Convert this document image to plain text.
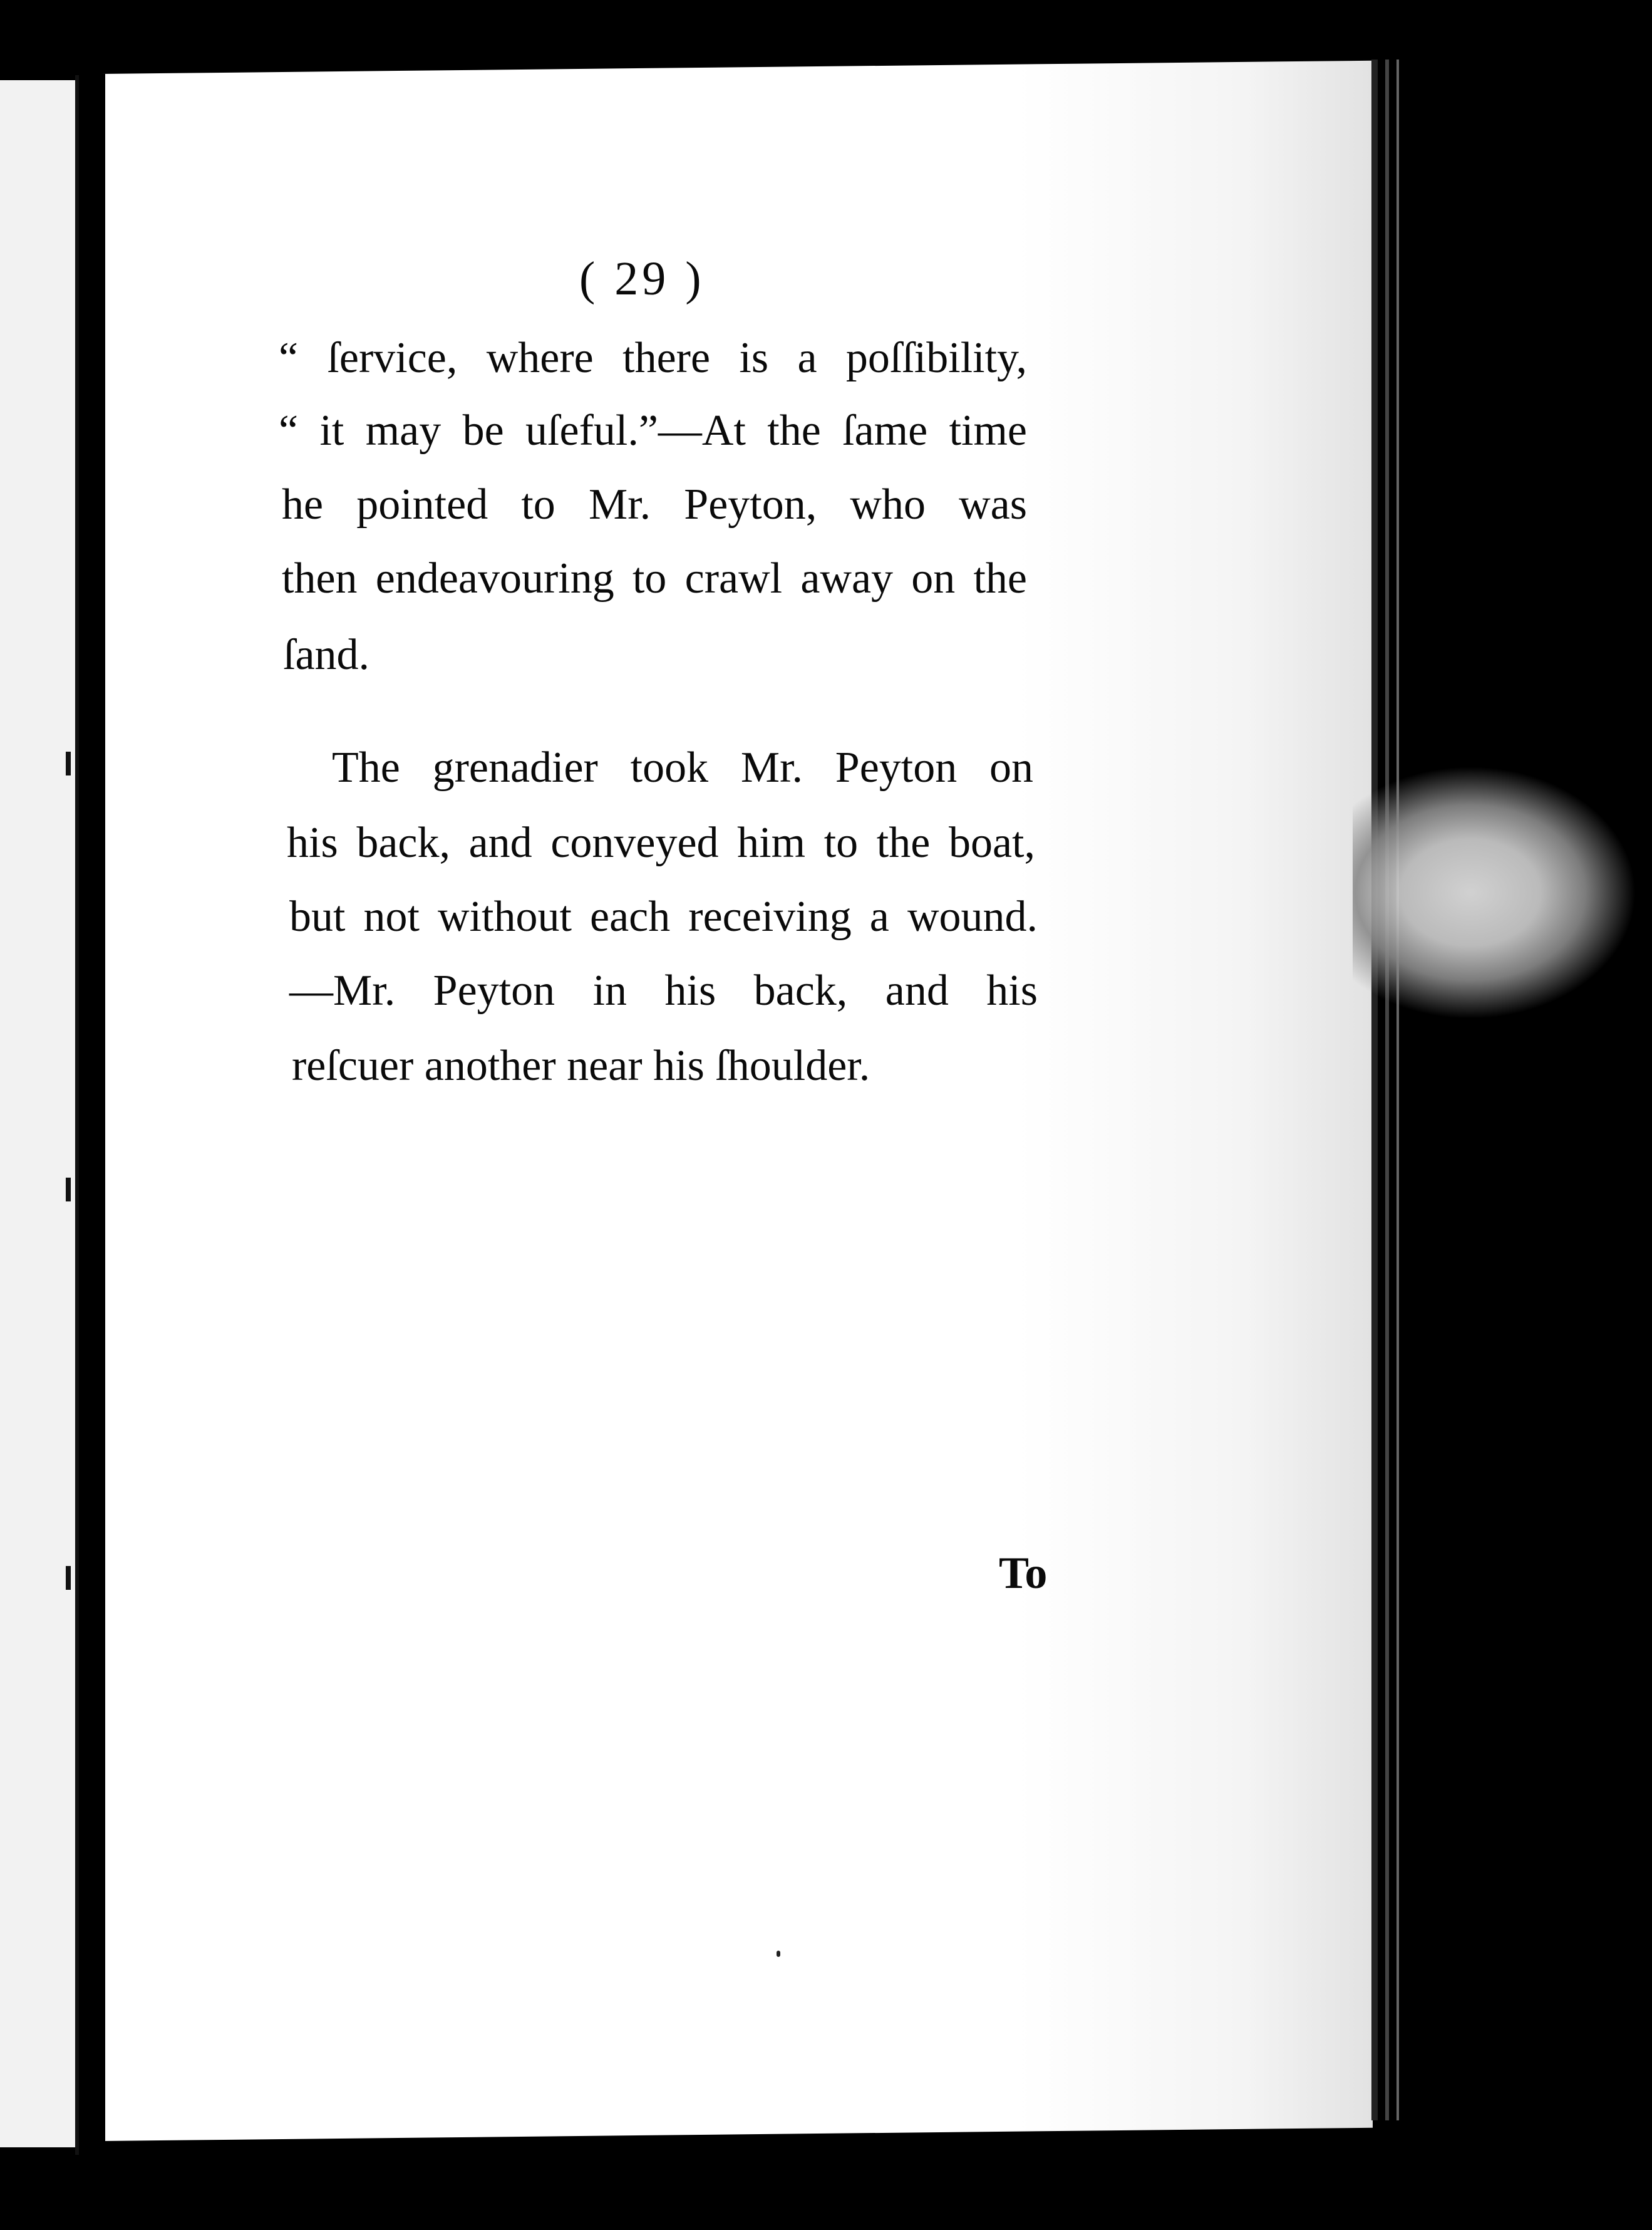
( 29 )
“ ſervice, where there is a poſſibility,
“ it may be uſeful.”—At the ſame time
he pointed to Mr. Peyton, who was
then endeavouring to crawl away on the
ſand.
The grenadier took Mr. Peyton on
his back, and conveyed him to the boat,
but not without each receiving a wound.
—Mr. Peyton in his back, and his
reſcuer another near his ſhoulder.
To
